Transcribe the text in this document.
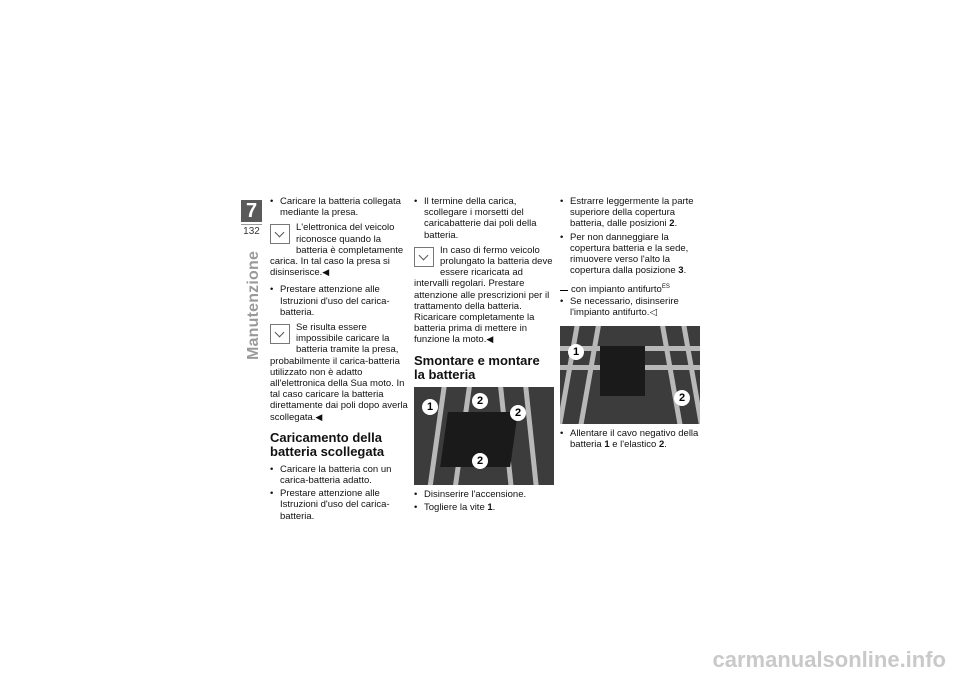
7
132
Manutenzione
• Caricare la batteria collegata mediante la presa.
L'elettronica del veicolo riconosce quando la batteria è completamente carica. In tal caso la presa si disinserisce.◀
• Prestare attenzione alle Istruzioni d'uso del carica-batteria.
Se risulta essere impossibile caricare la batteria tramite la presa, probabilmente il carica-batteria utilizzato non è adatto all'elettronica della Sua moto. In tal caso caricare la batteria direttamente dai poli dopo averla scollegata.◀
Caricamento della batteria scollegata
• Caricare la batteria con un carica-batteria adatto.
• Prestare attenzione alle Istruzioni d'uso del carica-batteria.
• Il termine della carica, scollegare i morsetti del caricabatterie dai poli della batteria.
In caso di fermo veicolo prolungato la batteria deve essere ricaricata ad intervalli regolari. Prestare attenzione alle prescrizioni per il trattamento della batteria. Ricaricare completamente la batteria prima di mettere in funzione la moto.◀
Smontare e montare la batteria
1	2
2
2
• Disinserire l'accensione.
• Togliere la vite 1.
• Estrarre leggermente la parte superiore della copertura batteria, dalle posizioni 2.
• Per non danneggiare la copertura batteria e la sede, rimuovere verso l'alto la copertura dalla posizione 3.
con impianto antifurto$^{ES}$
• Se necessario, disinserire l'impianto antifurto.◁
1
2
• Allentare il cavo negativo della batteria 1 e l'elastico 2.
carmanualsonline.info
